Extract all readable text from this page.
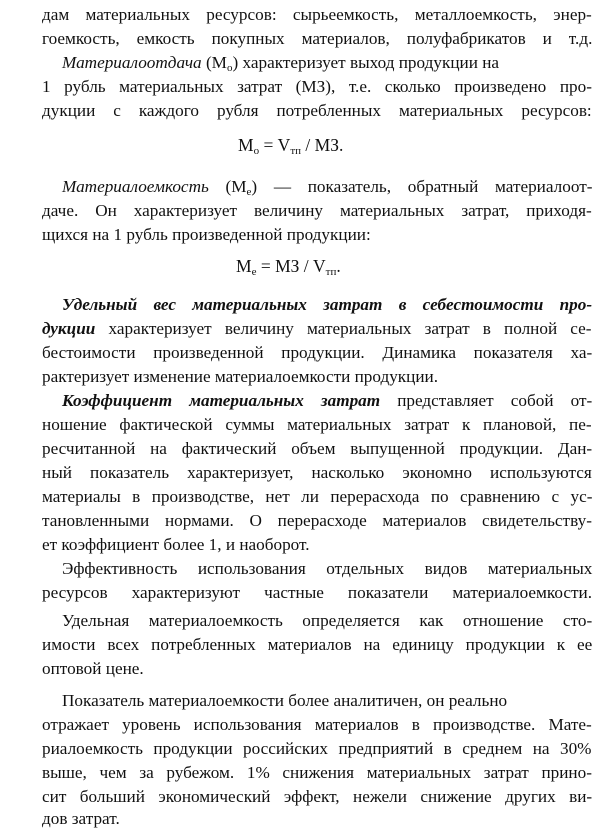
дам материальных ресурсов: сырьеемкость, металлоемкость, энер-
гоемкость, емкость покупных материалов, полуфабрикатов и т.д.
Материалоотдача $(М_о)$ характеризует выход продукции на
1 рубль материальных затрат (МЗ), т.е. сколько произведено про-
дукции с каждого рубля потребленных материальных ресурсов:
$М_о = V_{тп}$ / МЗ.
Материалоемкость $(М_е)$ — показатель, обратный материалоот-
даче. Он характеризует величину материальных затрат, приходя-
щихся на 1 рубль произведенной продукции:
$М_е$ = МЗ / $V_{тп}$.
Удельный вес материальных затрат в себестоимости про-
дукции характеризует величину материальных затрат в полной се-
бестоимости произведенной продукции. Динамика показателя ха-
рактеризует изменение материалоемкости продукции.
Коэффициент материальных затрат представляет собой от-
ношение фактической суммы материальных затрат к плановой, пе-
ресчитанной на фактический объем выпущенной продукции. Дан-
ный показатель характеризует, насколько экономно используются
материалы в производстве, нет ли перерасхода по сравнению с ус-
тановленными нормами. О перерасходе материалов свидетельству-
ет коэффициент более 1, и наоборот.
Эффективность использования отдельных видов материальных
ресурсов характеризуют частные показатели материалоемкости.
Удельная материалоемкость определяется как отношение сто-
имости всех потребленных материалов на единицу продукции к ее
оптовой цене.
Показатель материалоемкости более аналитичен, он реально
отражает уровень использования материалов в производстве. Мате-
риалоемкость продукции российских предприятий в среднем на 30%
выше, чем за рубежом. 1% снижения материальных затрат прино-
сит больший экономический эффект, нежели снижение других ви-
дов затрат.
